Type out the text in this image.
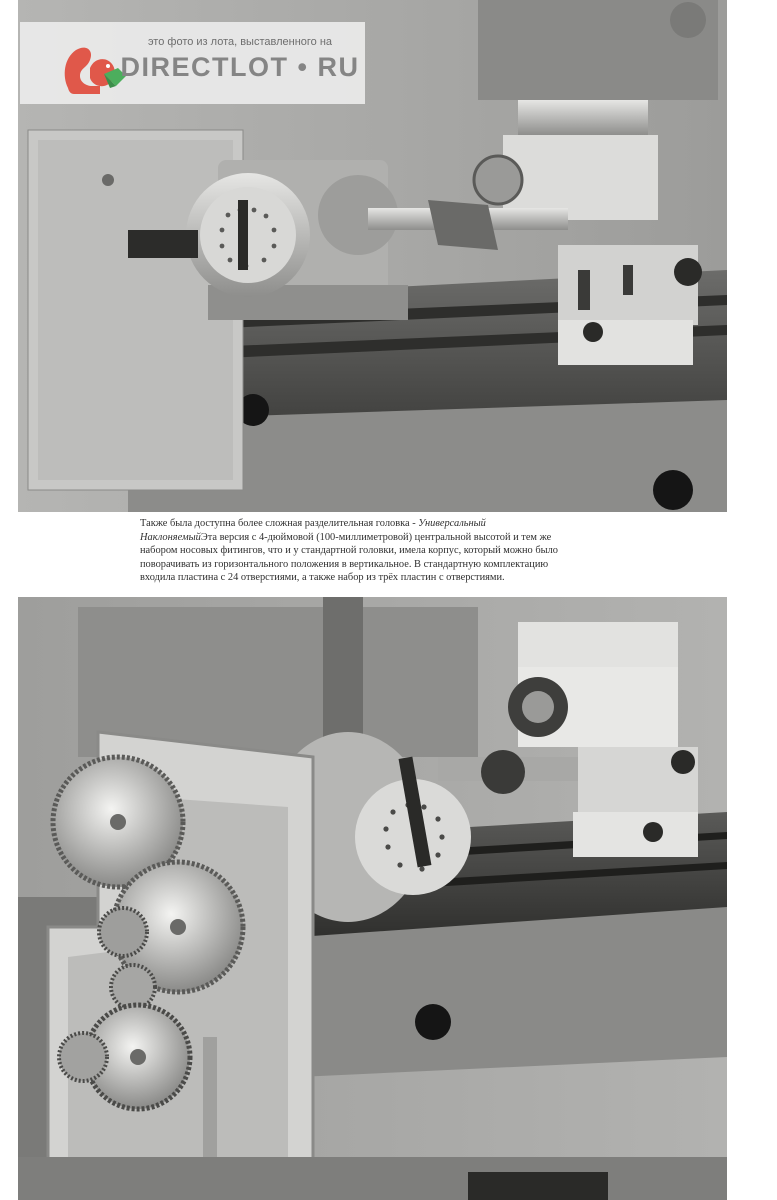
Также была доступна более сложная разделительная головка - Универсальный
НаклоняемыйЭта версия с 4-дюймовой (100-миллиметровой) центральной высотой и тем же
набором носовых фитингов, что и у стандартной головки, имела корпус, который можно было
поворачивать из горизонтального положения в вертикальное. В стандартную комплектацию
входила пластина с 24 отверстиями, а также набор из трёх пластин с отверстиями.
это фото из лота, выставленного на
DIRECTLOT • RU
